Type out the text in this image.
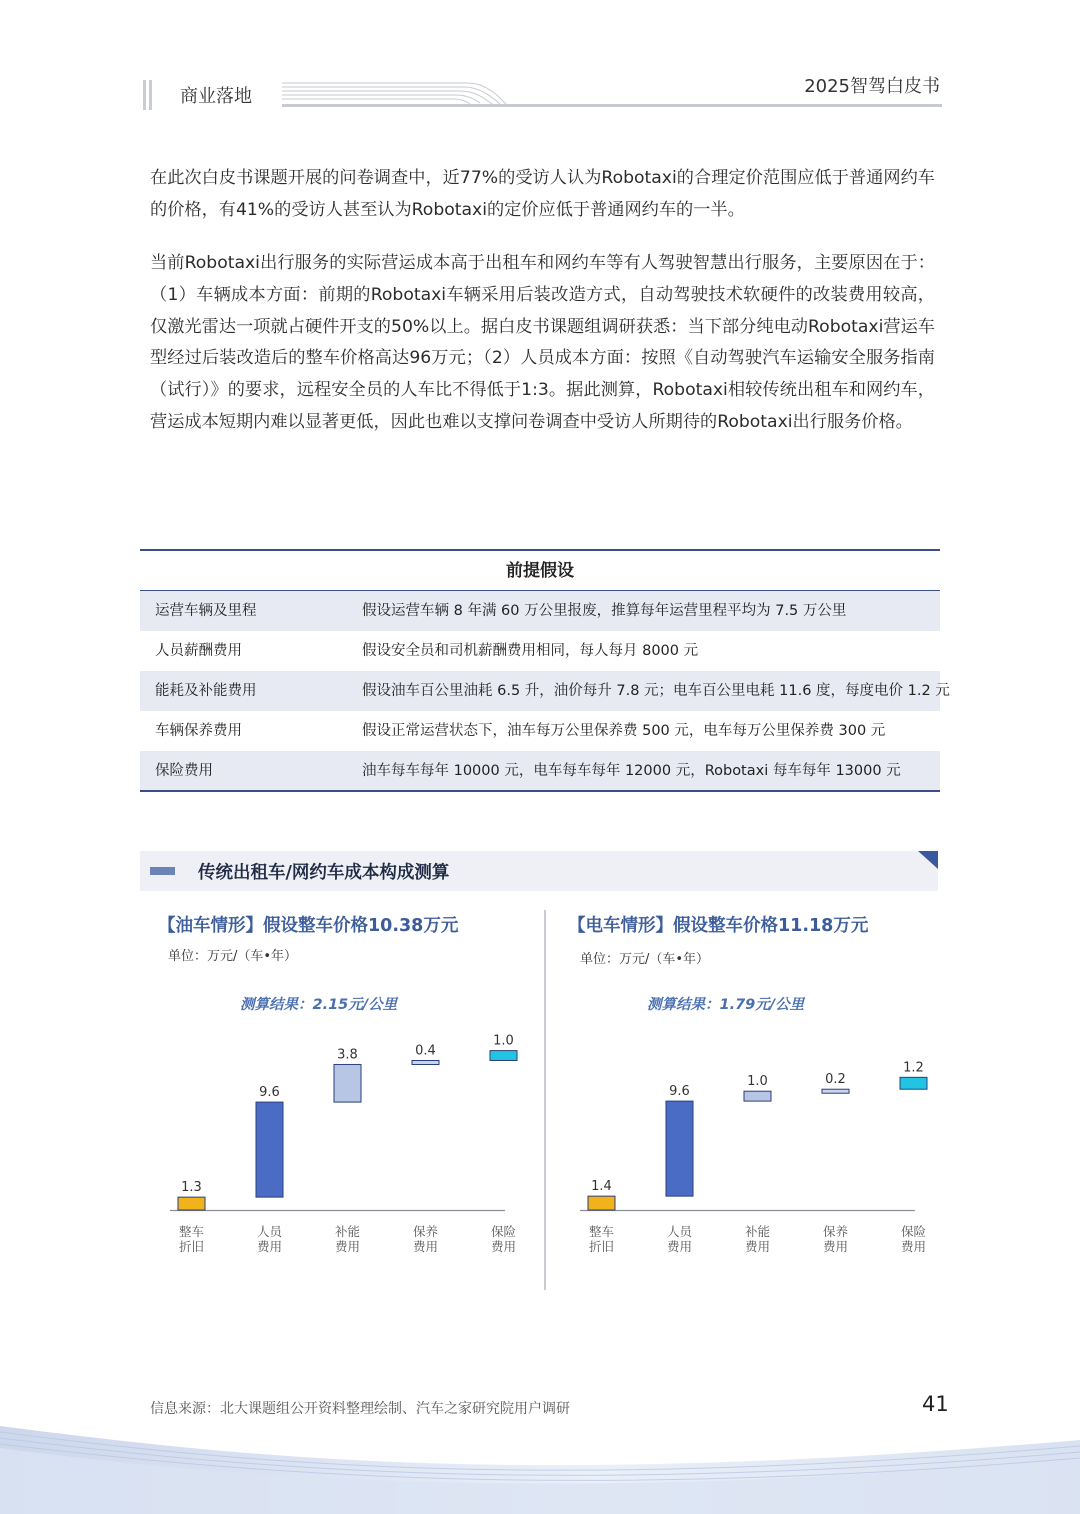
商业落地	2025智驾白皮书

在此次白皮书课题开展的问卷调查中，近77%的受访人认为Robotaxi的合理定价范围应低于普通网约车的价格，有41%的受访人甚至认为Robotaxi的定价应低于普通网约车的一半。

当前Robotaxi出行服务的实际营运成本高于出租车和网约车等有人驾驶智慧出行服务，主要原因在于：（1）车辆成本方面：前期的Robotaxi车辆采用后装改造方式，自动驾驶技术软硬件的改装费用较高，仅激光雷达一项就占硬件开支的50%以上。据白皮书课题组调研获悉：当下部分纯电动Robotaxi营运车型经过后装改造后的整车价格高达96万元；（2）人员成本方面：按照《自动驾驶汽车运输安全服务指南（试行）》的要求，远程安全员的人车比不得低于1:3。据此测算，Robotaxi相较传统出租车和网约车，营运成本短期内难以显著更低，因此也难以支撑问卷调查中受访人所期待的Robotaxi出行服务价格。

前提假设
运营车辆及里程	假设运营车辆 8 年满 60 万公里报废，推算每年运营里程平均为 7.5 万公里
人员薪酬费用	假设安全员和司机薪酬费用相同，每人每月 8000 元
能耗及补能费用	假设油车百公里油耗 6.5 升，油价每升 7.8 元；电车百公里电耗 11.6 度，每度电价 1.2 元
车辆保养费用	假设正常运营状态下，油车每万公里保养费 500 元，电车每万公里保养费 300 元
保险费用	油车每车每年 10000 元，电车每车每年 12000 元，Robotaxi 每车每年 13000 元
传统出租车/网约车成本构成测算
【油车情形】假设整车价格10.38万元
单位：万元/（车•年）
测算结果：2.15元/公里
1.3
整车
折旧
9.6
人员
费用
3.8
补能
费用
0.4
保养
费用
1.0
保险
费用
【电车情形】假设整车价格11.18万元
单位：万元/（车•年）
测算结果：1.79元/公里
1.4
整车
折旧
9.6
人员
费用
1.0
补能
费用
0.2
保养
费用
1.2
保险
费用
信息来源：北大课题组公开资料整理绘制、汽车之家研究院用户调研	41
